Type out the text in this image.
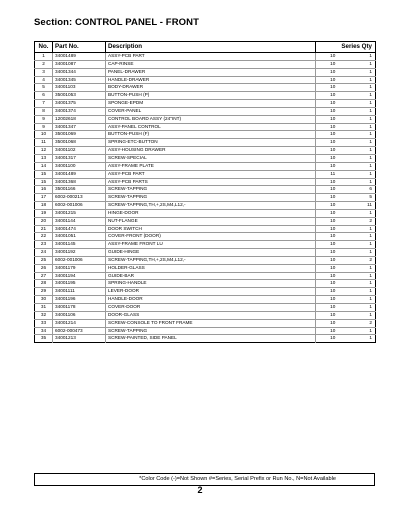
Section: CONTROL PANEL - FRONT
No.	Part No.	Description	Series Qty	
1	34001489	ASSY-PCB PART	10	1
2	34001087	CAP-RINSE	10	1
3	34001344	PANEL-DRAWER	10	1
4	34001345	HANDLE-DRAWER	10	1
5	34001103	BODY-DRAWER	10	1
6	35001053	BUTTON-PUSH (P)	10	1
7	34001375	SPONGE-EPDM	10	1
8	34001374	COVER-PANEL	10	1
9	12002618	CONTROL BOARD ASSY (24"INT)	10	1
9	34001347	ASSY-PANEL CONTROL	10	1
10	35001069	BUTTON-PUSH (F)	10	1
11	35001068	SPRING-ETC-BUTTON	10	1
12	34001102	ASSY-HOUSING DRAWER	10	1
13	34001317	SCREW-SPECIAL	10	1
14	34001100	ASSY-FRAME PLATE	10	1
15	34001489	ASSY-PCB PART	11	1
15	34001368	ASSY-PCB PARTS	10	1
16	35001166	SCREW-TAPPING	10	6
17	6002-000213	SCREW-TAPPING	10	5
18	6002-001006	SCREW-TAPPING,TH,+,2S,M4,L12,-	10	11
19	34001215	HINGE-DOOR	10	1
20	34001144	NUT-FLANGE	10	2
21	34001474	DOOR SWITCH	10	1
22	34001051	COVER-FRONT (DOOR)	10	1
23	34001145	ASSY-FRAME FRONT LU	10	1
24	34001192	GUIDE-HINGE	10	1
25	6002-001006	SCREW-TAPPING,TH,+,2S,M4,L12,-	10	2
26	34001179	HOLDER-GLASS	10	1
27	34001194	GUIDE-BAR	10	1
28	34001195	SPRING-HANDLE	10	1
29	34001111	LEVER-DOOR	10	1
30	34001196	HANDLE-DOOR	10	1
31	34001178	COVER-DOOR	10	1
32	34001106	DOOR-GLASS	10	1
33	34001214	SCREW-CONSOLE TO FRONT FRAME	10	2
34	6002-000473	SCREW-TAPPING	10	1
35	34001213	SCREW-PAINTED, SIDE PANEL	10	1
*Color Code (-)=Not Shown #=Series, Serial Prefix or Run No., N=Not Available
2
